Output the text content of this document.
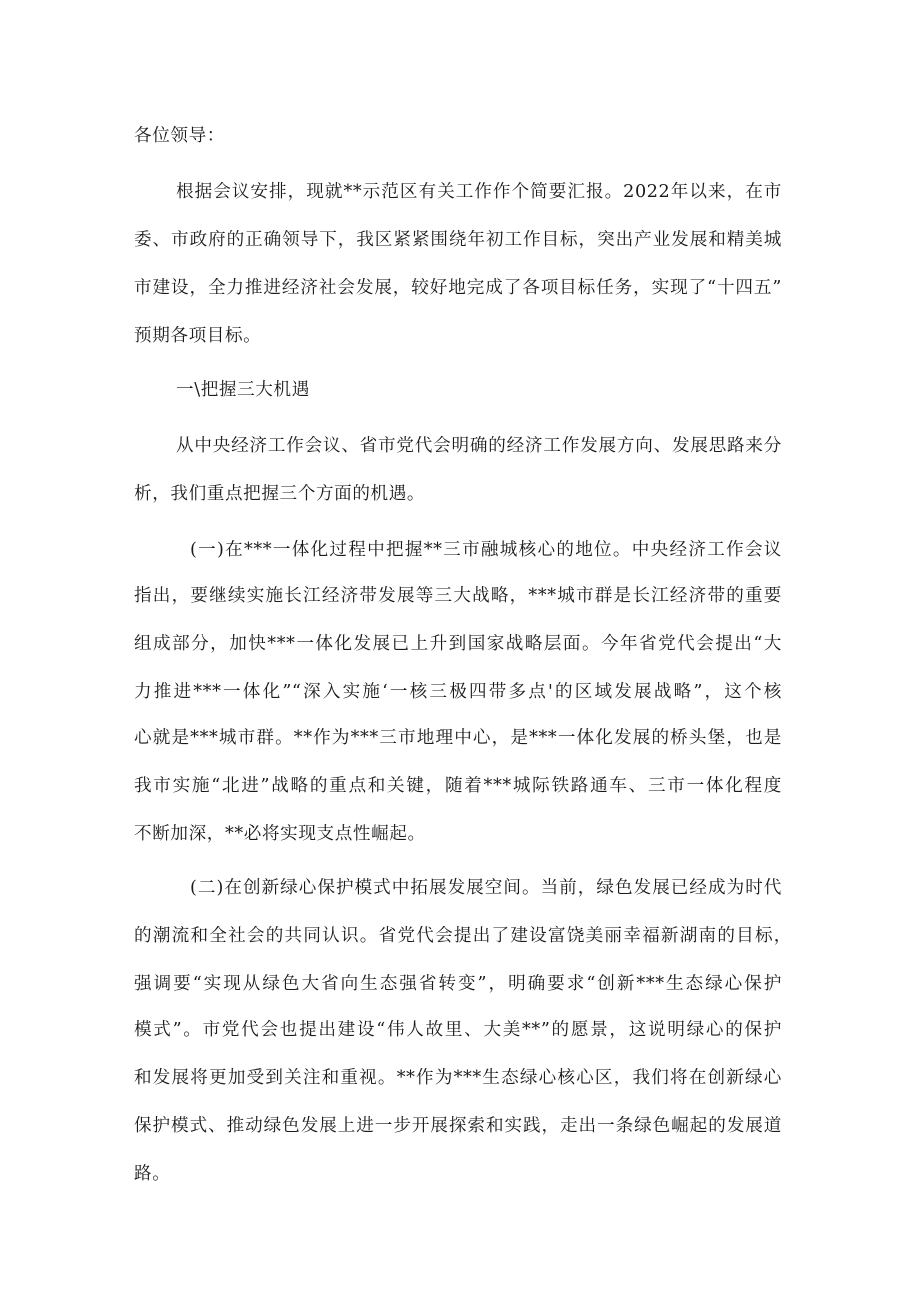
各位领导：
根据会议安排，现就**示范区有关工作作个简要汇报。2022年以来，在市
委、市政府的正确领导下，我区紧紧围绕年初工作目标，突出产业发展和精美城
市建设，全力推进经济社会发展，较好地完成了各项目标任务，实现了“十四五”
预期各项目标。
一\把握三大机遇
从中央经济工作会议、省市党代会明确的经济工作发展方向、发展思路来分
析，我们重点把握三个方面的机遇。
(一)在***一体化过程中把握**三市融城核心的地位。中央经济工作会议
指出，要继续实施长江经济带发展等三大战略，***城市群是长江经济带的重要
组成部分，加快***一体化发展已上升到国家战略层面。今年省党代会提出“大
力推进***一体化”“深入实施‘一核三极四带多点'的区域发展战略”，这个核
心就是***城市群。**作为***三市地理中心，是***一体化发展的桥头堡，也是
我市实施“北进”战略的重点和关键，随着***城际铁路通车、三市一体化程度
不断加深，**必将实现支点性崛起。
(二)在创新绿心保护模式中拓展发展空间。当前，绿色发展已经成为时代
的潮流和全社会的共同认识。省党代会提出了建设富饶美丽幸福新湖南的目标，
强调要“实现从绿色大省向生态强省转变”，明确要求“创新***生态绿心保护
模式”。市党代会也提出建设“伟人故里、大美**”的愿景，这说明绿心的保护
和发展将更加受到关注和重视。**作为***生态绿心核心区，我们将在创新绿心
保护模式、推动绿色发展上进一步开展探索和实践，走出一条绿色崛起的发展道
路。
